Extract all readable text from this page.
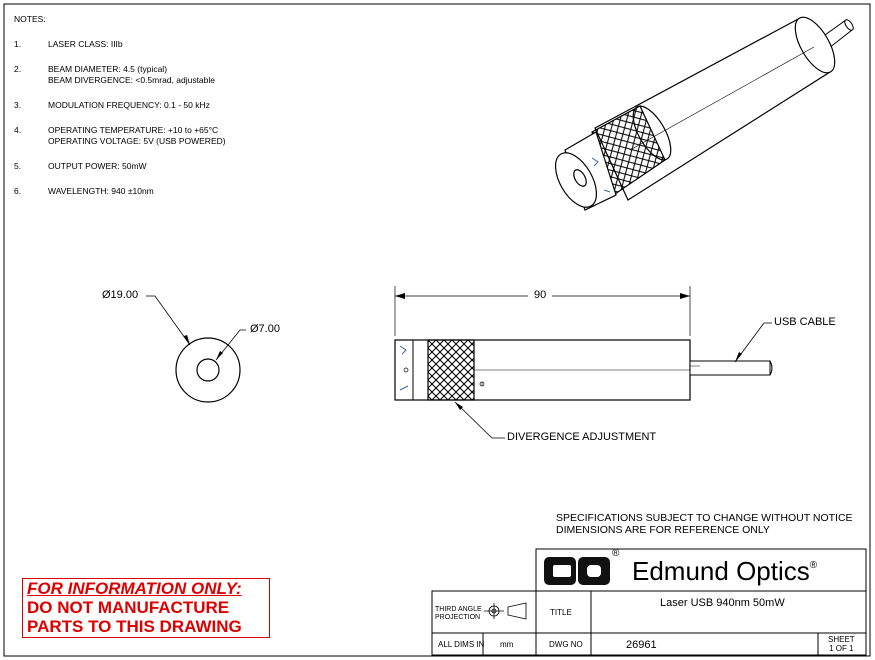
NOTES:
1.	LASER CLASS: IIIb
2.	BEAM DIAMETER: 4.5 (typical)
BEAM DIVERGENCE: <0.5mrad, adjustable
3.	MODULATION FREQUENCY: 0.1 - 50 kHz
4.	OPERATING TEMPERATURE: +10 to +65°C
OPERATING VOLTAGE: 5V (USB POWERED)
5.	OUTPUT POWER: 50mW
6.	WAVELENGTH: 940 ±10nm
Ø19.00
Ø7.00
90
USB CABLE
DIVERGENCE ADJUSTMENT
SPECIFICATIONS SUBJECT TO CHANGE WITHOUT NOTICE
DIMENSIONS ARE FOR REFERENCE ONLY
FOR INFORMATION ONLY:
DO NOT MANUFACTURE
PARTS TO THIS DRAWING
®
Edmund Optics®
THIRD ANGLE
PROJECTION
TITLE
Laser USB 940nm 50mW
ALL DIMS IN mm	DWG NO	26961	SHEET
1 OF 1
